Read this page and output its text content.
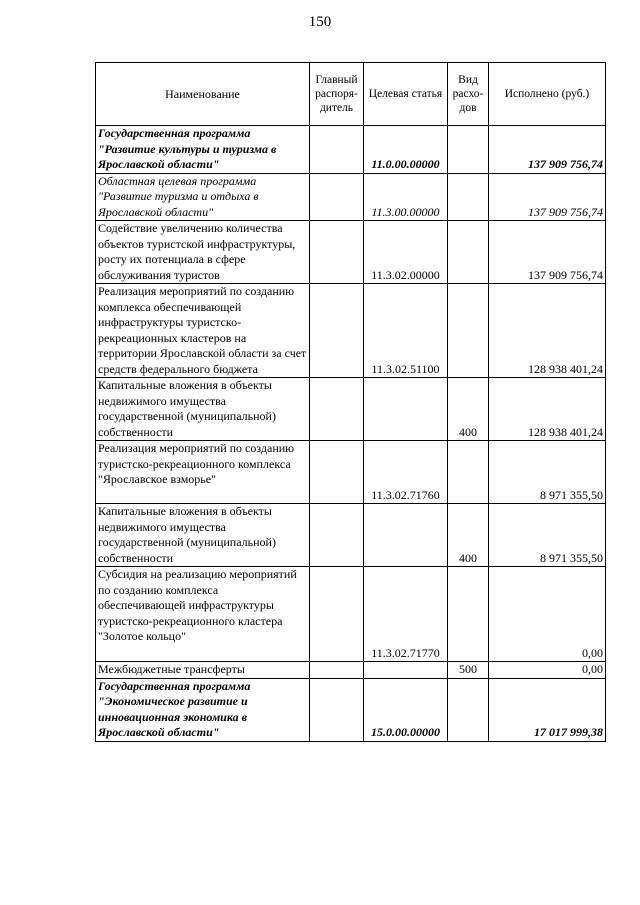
150
Наименование	Главный распоря- дитель	Целевая статья	Вид расхо- дов	Исполнено (руб.)
Государственная программа "Развитие культуры и туризма в Ярославской области"		11.0.00.00000		137 909 756,74
Областная целевая программа "Развитие туризма и отдыха в Ярославской области"		11.3.00.00000		137 909 756,74
Содействие увеличению количества объектов туристской инфраструктуры, росту их потенциала в сфере обслуживания туристов		11.3.02.00000		137 909 756,74
Реализация мероприятий по созданию комплекса обеспечивающей инфраструктуры туристско-рекреационных кластеров на территории Ярославской области за счет средств федерального бюджета		11.3.02.51100		128 938 401,24
Капитальные вложения в объекты недвижимого имущества государственной (муниципальной) собственности			400	128 938 401,24
Реализация мероприятий по созданию туристско-рекреационного комплекса "Ярославское взморье"		11.3.02.71760		8 971 355,50
Капитальные вложения в объекты недвижимого имущества государственной (муниципальной) собственности			400	8 971 355,50
Субсидия на реализацию мероприятий по созданию комплекса обеспечивающей инфраструктуры туристско-рекреационного кластера "Золотое кольцо"		11.3.02.71770		0,00
Межбюджетные трансферты			500	0,00
Государственная программа "Экономическое развитие и инновационная экономика в Ярославской области"		15.0.00.00000		17 017 999,38
